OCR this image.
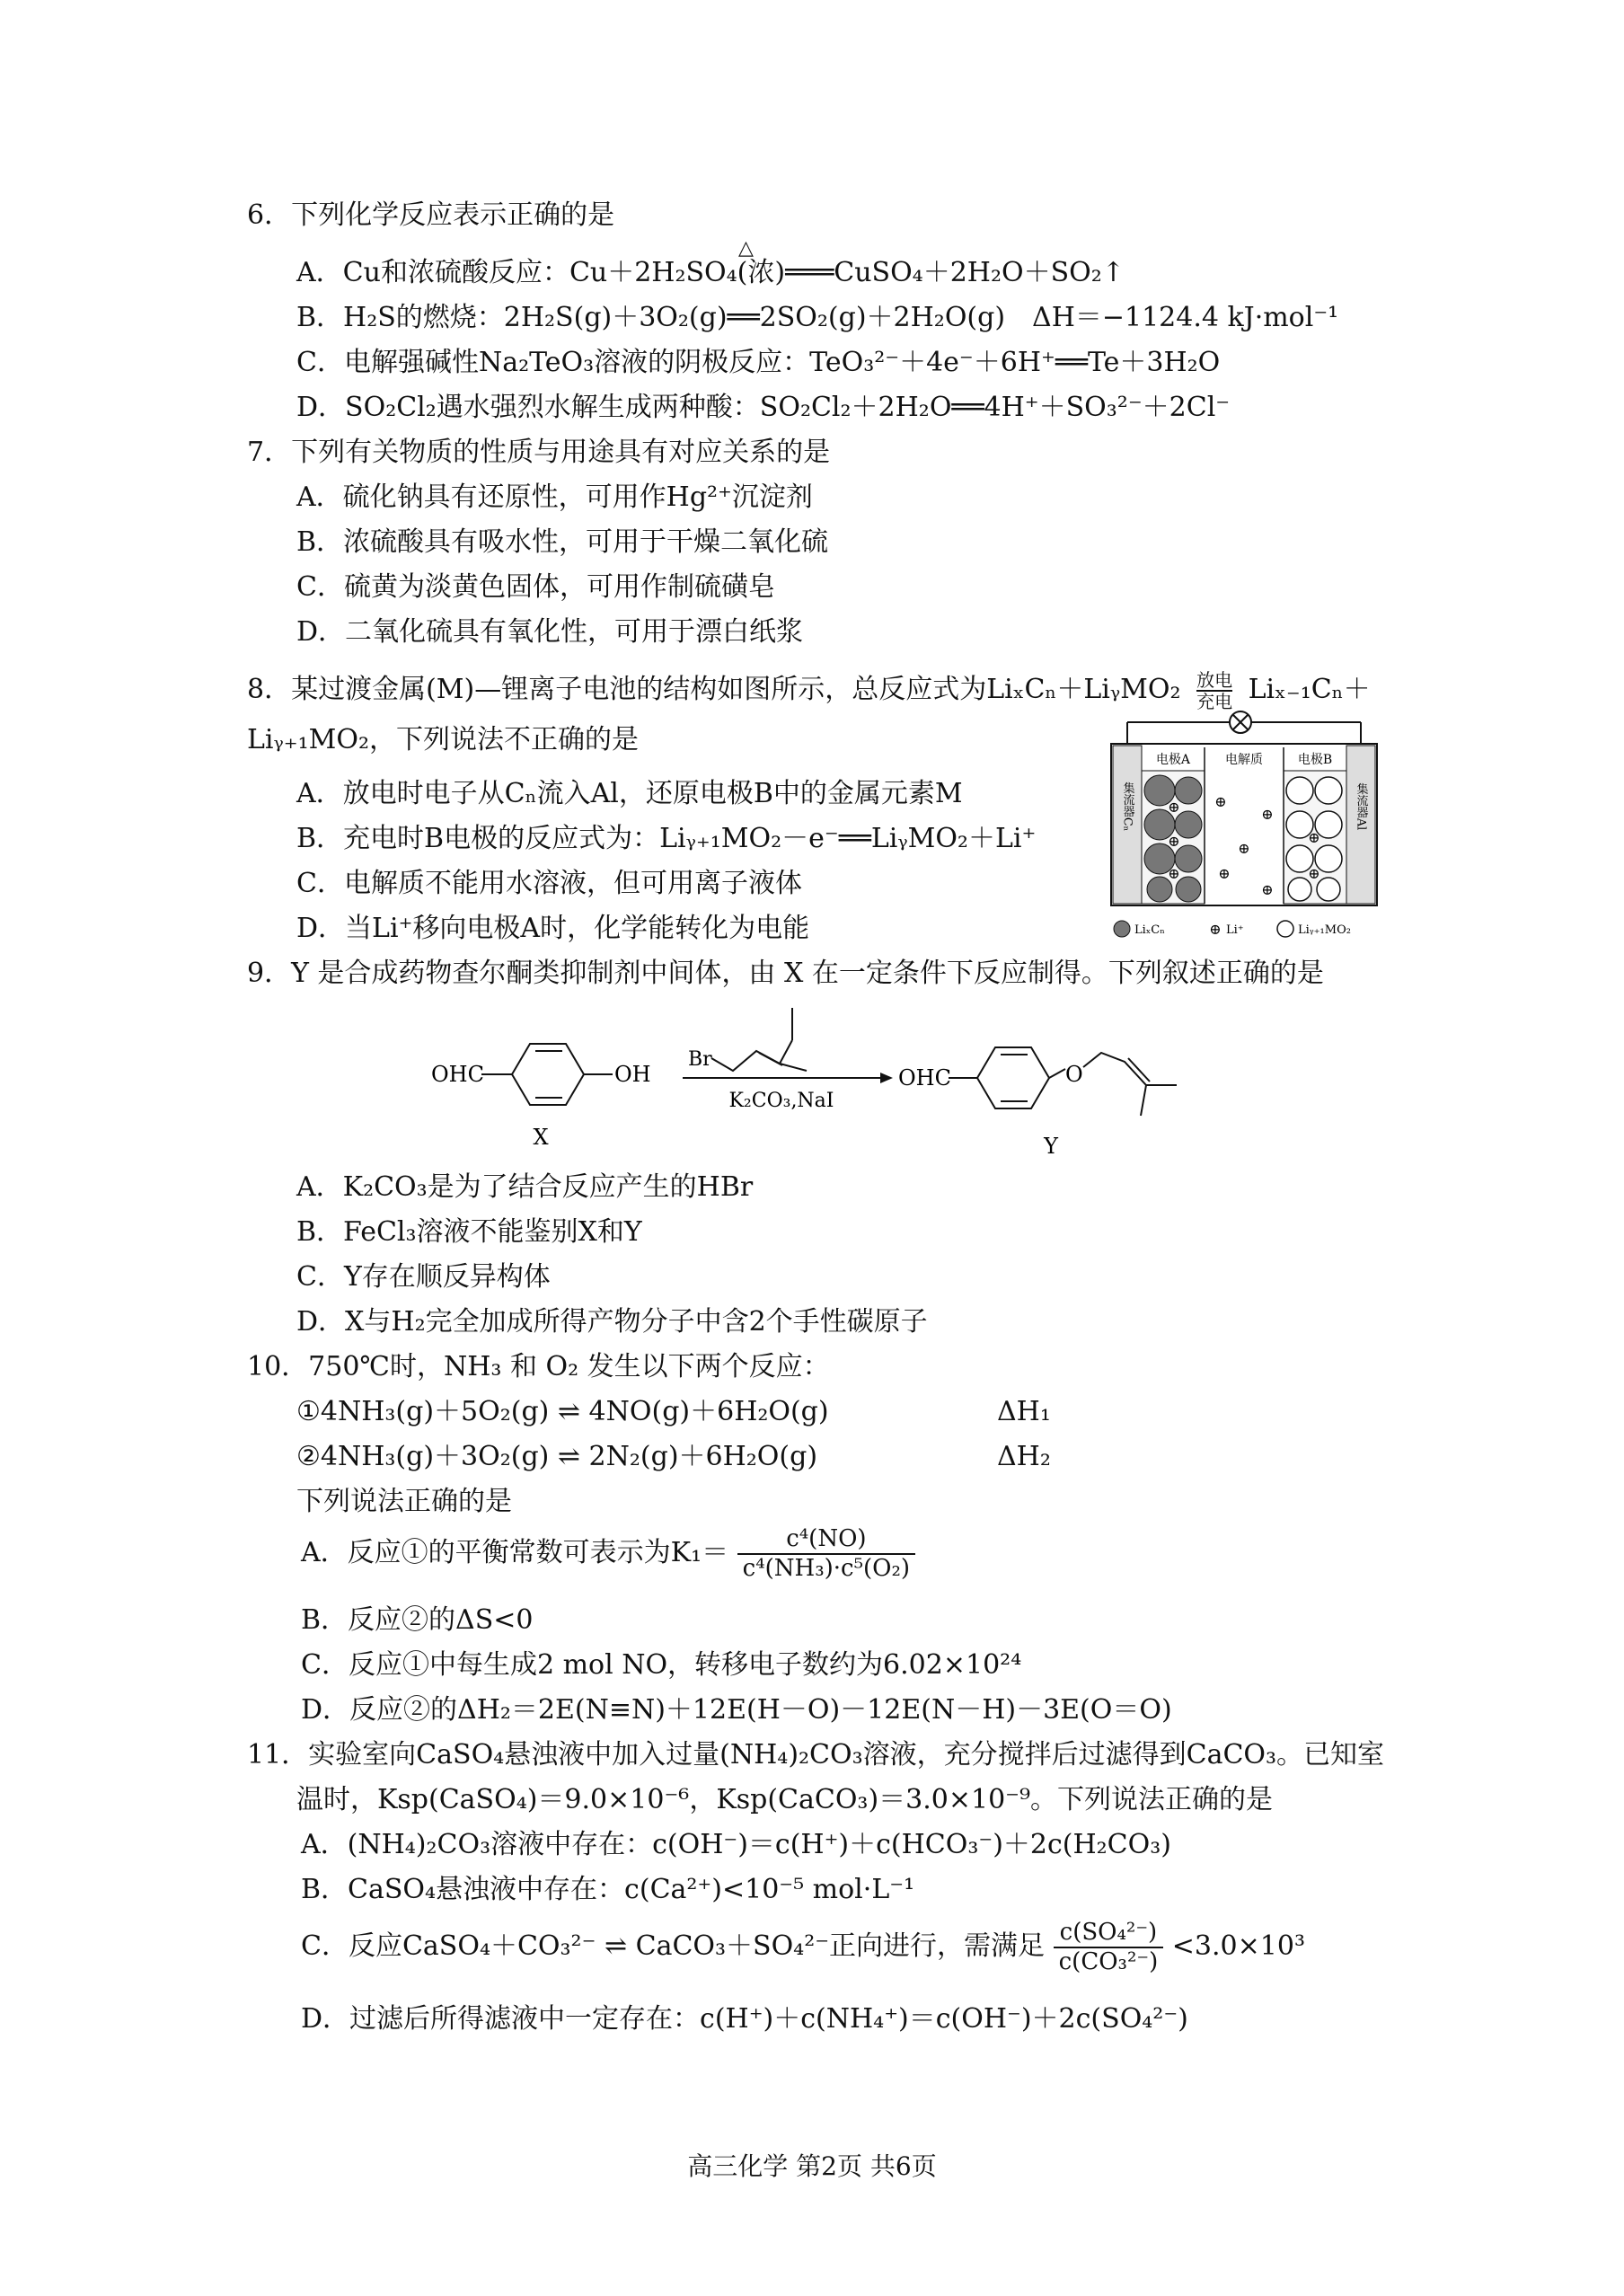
6．下列化学反应表示正确的是
A．Cu和浓硫酸反应：Cu＋2H₂SO₄(浓)═══CuSO₄＋2H₂O＋SO₂↑
△
B．H₂S的燃烧：2H₂S(g)＋3O₂(g)══2SO₂(g)＋2H₂O(g)　ΔH＝−1124.4 kJ·mol⁻¹
C．电解强碱性Na₂TeO₃溶液的阴极反应：TeO₃²⁻＋4e⁻＋6H⁺══Te＋3H₂O
D．SO₂Cl₂遇水强烈水解生成两种酸：SO₂Cl₂＋2H₂O══4H⁺＋SO₃²⁻＋2Cl⁻
7．下列有关物质的性质与用途具有对应关系的是
A．硫化钠具有还原性，可用作Hg²⁺沉淀剂
B．浓硫酸具有吸水性，可用于干燥二氧化硫
C．硫黄为淡黄色固体，可用作制硫磺皂
D．二氧化硫具有氧化性，可用于漂白纸浆
8．某过渡金属(M)—锂离子电池的结构如图所示，总反应式为LiₓCₙ＋LiᵧMO₂ 放电
充电 Liₓ₋₁Cₙ＋
Liᵧ₊₁MO₂，下列说法不正确的是
A．放电时电子从Cₙ流入Al，还原电极B中的金属元素M
B．充电时B电极的反应式为：Liᵧ₊₁MO₂－e⁻══LiᵧMO₂＋Li⁺
C．电解质不能用水溶液，但可用离子液体
D．当Li⁺移向电极A时，化学能转化为电能
集流器Cₙ	集流器Al
电极A	电解质	电极B
⊕
⊕
⊕
⊕
⊕
⊕
⊕
⊕
⊕
⊕
LiₓCₙ	⊕ Li⁺	Liᵧ₊₁MO₂
9．Y 是合成药物查尔酮类抑制剂中间体，由 X 在一定条件下反应制得。下列叙述正确的是
OHC	OH
X
Br
K₂CO₃,NaI
OHC	O
Y
A．K₂CO₃是为了结合反应产生的HBr
B．FeCl₃溶液不能鉴别X和Y
C．Y存在顺反异构体
D．X与H₂完全加成所得产物分子中含2个手性碳原子
10．750℃时，NH₃ 和 O₂ 发生以下两个反应：
①4NH₃(g)＋5O₂(g) ⇌ 4NO(g)＋6H₂O(g)	ΔH₁
②4NH₃(g)＋3O₂(g) ⇌ 2N₂(g)＋6H₂O(g)	ΔH₂
下列说法正确的是
A．反应①的平衡常数可表示为$K_1= \frac{\text{c⁴(NO)}}{\text{c⁴(NH₃)·c⁵(O₂)}}$
B．反应②的ΔS<0
C．反应①中每生成2 mol NO，转移电子数约为6.02×10²⁴
D．反应②的ΔH₂＝2E(N≡N)＋12E(H－O)－12E(N－H)－3E(O＝O)
11．实验室向CaSO₄悬浊液中加入过量(NH₄)₂CO₃溶液，充分搅拌后过滤得到CaCO₃。已知室
温时，Ksp(CaSO₄)＝9.0×10⁻⁶，Ksp(CaCO₃)＝3.0×10⁻⁹。下列说法正确的是
A．(NH₄)₂CO₃溶液中存在：c(OH⁻)＝c(H⁺)＋c(HCO₃⁻)＋2c(H₂CO₃)
B．CaSO₄悬浊液中存在：c(Ca²⁺)<10⁻⁵ mol·L⁻¹
C．反应CaSO₄＋CO₃²⁻ ⇌ CaCO₃＋SO₄²⁻正向进行，需满足 $\frac{\text{c(SO₄²⁻)}}{\text{c(CO₃²⁻)}} <3.0\times 10^3$
D．过滤后所得滤液中一定存在：c(H⁺)＋c(NH₄⁺)＝c(OH⁻)＋2c(SO₄²⁻)
高三化学 第2页 共6页
